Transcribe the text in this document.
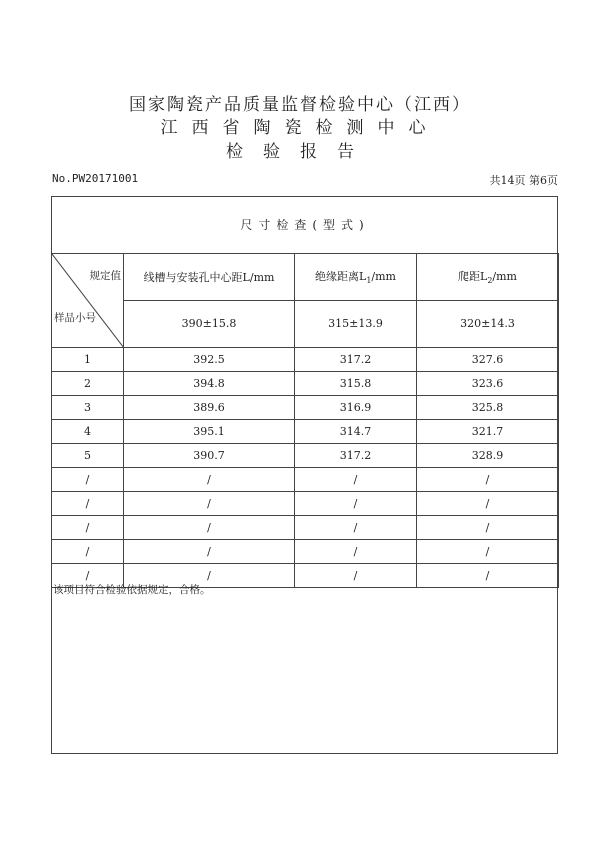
国家陶瓷产品质量监督检验中心（江西）
江西省陶瓷检测中心
检验报告
No.PW20171001	共14页 第6页
尺寸检查(型式)			

规定值
样品小号	线槽与安装孔中心距L/mm	绝缘距离$L_1/mm$	爬距$L_2/mm$
	390±15.8	315±13.9	320±14.3
1	392.5	317.2	327.6
2	394.8	315.8	323.6
3	389.6	316.9	325.8
4	395.1	314.7	321.7
5	390.7	317.2	328.9
/	/	/	/
/	/	/	/
/	/	/	/
/	/	/	/
/	/	/	/
该项目符合检验依据规定，合格。
